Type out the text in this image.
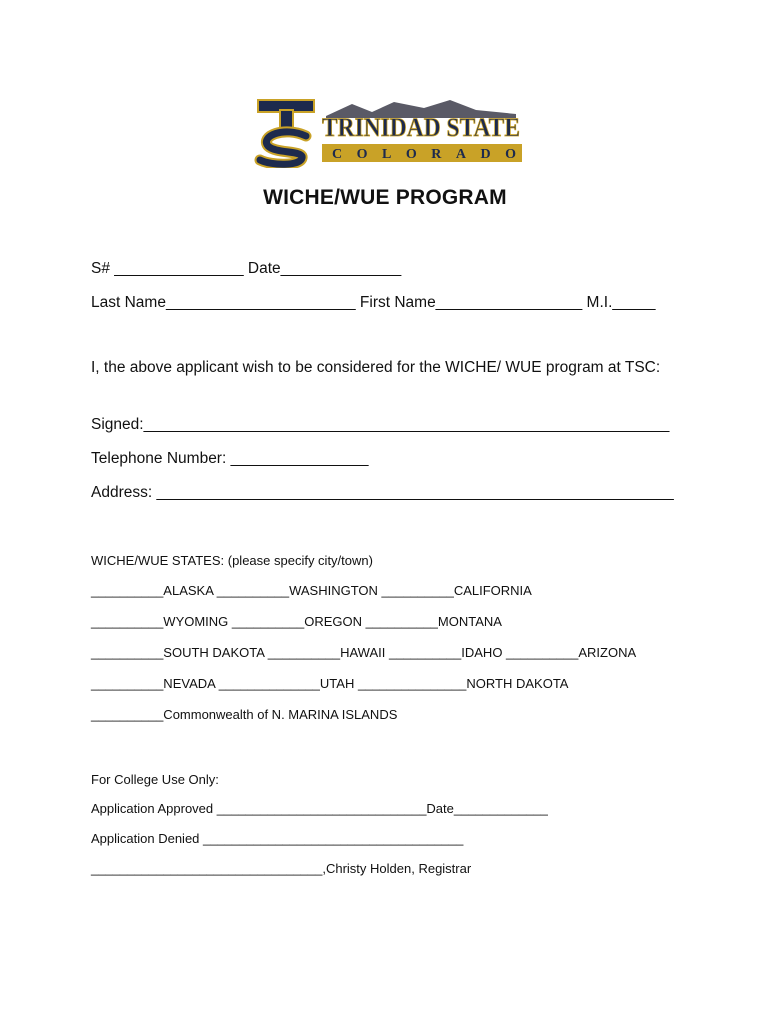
TRINIDAD STATE
COLORADO
WICHE/WUE PROGRAM
S# _______________ Date______________
Last Name______________________ First Name_________________ M.I._____
I, the above applicant wish to be considered for the WICHE/ WUE program at TSC:
Signed:_____________________________________________________________
Telephone Number: ________________
Address: ____________________________________________________________
WICHE/WUE STATES: (please specify city/town)
__________ALASKA __________WASHINGTON __________CALIFORNIA
__________WYOMING __________OREGON __________MONTANA
__________SOUTH DAKOTA __________HAWAII __________IDAHO __________ARIZONA
__________NEVADA ______________UTAH _______________NORTH DAKOTA
__________Commonwealth of N. MARINA ISLANDS
For College Use Only:
Application Approved _____________________________Date_____________
Application Denied ____________________________________
________________________________,Christy Holden, Registrar
